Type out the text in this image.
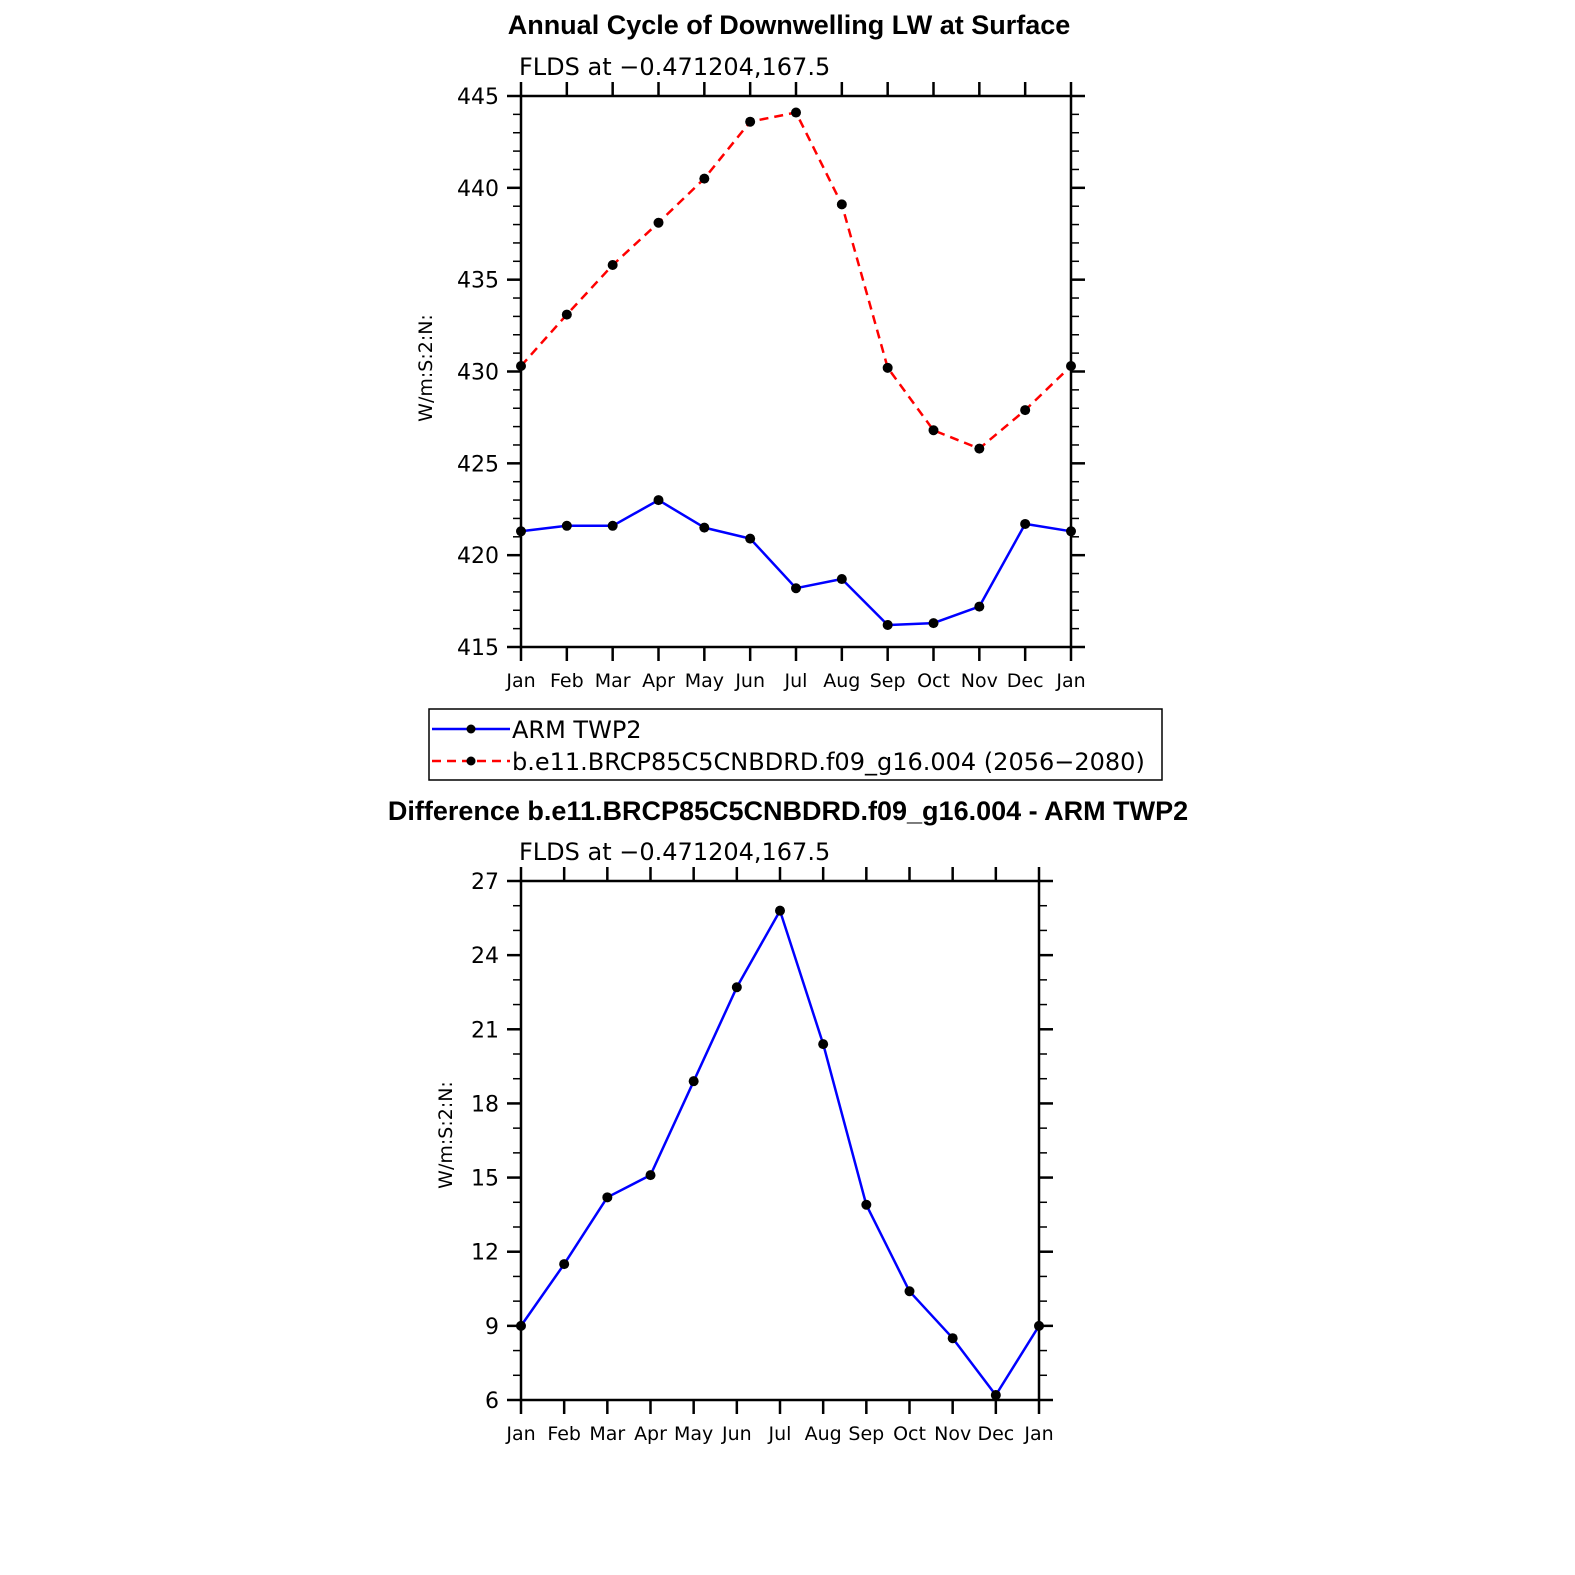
Annual Cycle of Downwelling LW at Surface
FLDS at −0.471204,167.5
W/m:S:2:N:
415
420
425
430
435
440
445
Jan Feb Mar Apr May Jun Jul Aug Sep Oct Nov Dec Jan
ARM TWP2
b.e11.BRCP85C5CNBDRD.f09_g16.004 (2056−2080)
Difference b.e11.BRCP85C5CNBDRD.f09_g16.004 - ARM TWP2
FLDS at −0.471204,167.5
W/m:S:2:N:
6
9
12
15
18
21
24
27
Jan Feb Mar Apr May Jun Jul Aug Sep Oct Nov Dec Jan
